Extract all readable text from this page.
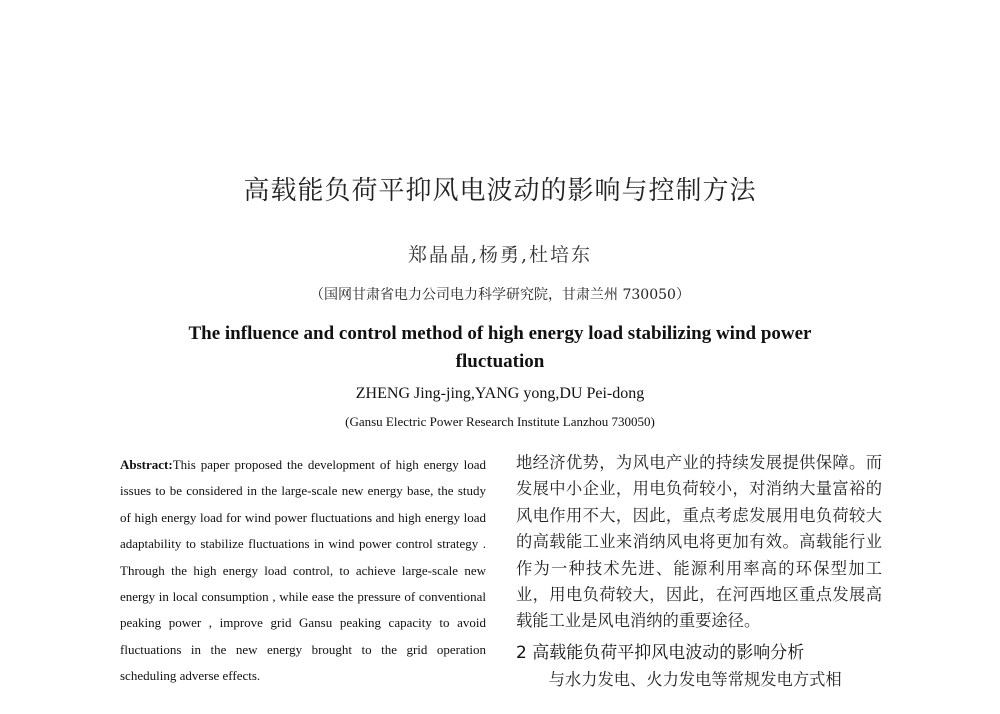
高载能负荷平抑风电波动的影响与控制方法
郑晶晶,杨勇,杜培东
（国网甘肃省电力公司电力科学研究院，甘肃兰州 730050）
The influence and control method of high energy load stabilizing wind power fluctuation
ZHENG Jing-jing,YANG yong,DU Pei-dong
(Gansu Electric Power Research Institute Lanzhou 730050)
Abstract:This paper proposed the development of high energy load issues to be considered in the large-scale new energy base, the study of high energy load for wind power fluctuations and high energy load adaptability to stabilize fluctuations in wind power control strategy . Through the high energy load control, to achieve large-scale new energy in local consumption , while ease the pressure of conventional peaking power , improve grid Gansu peaking capacity to avoid fluctuations in the new energy brought to the grid operation scheduling adverse effects.

地经济优势，为风电产业的持续发展提供保障。而发展中小企业，用电负荷较小，对消纳大量富裕的风电作用不大，因此，重点考虑发展用电负荷较大的高载能工业来消纳风电将更加有效。高载能行业作为一种技术先进、能源利用率高的环保型加工业，用电负荷较大，因此，在河西地区重点发展高载能工业是风电消纳的重要途径。

2 高载能负荷平抑风电波动的影响分析

与水力发电、火力发电等常规发电方式相
